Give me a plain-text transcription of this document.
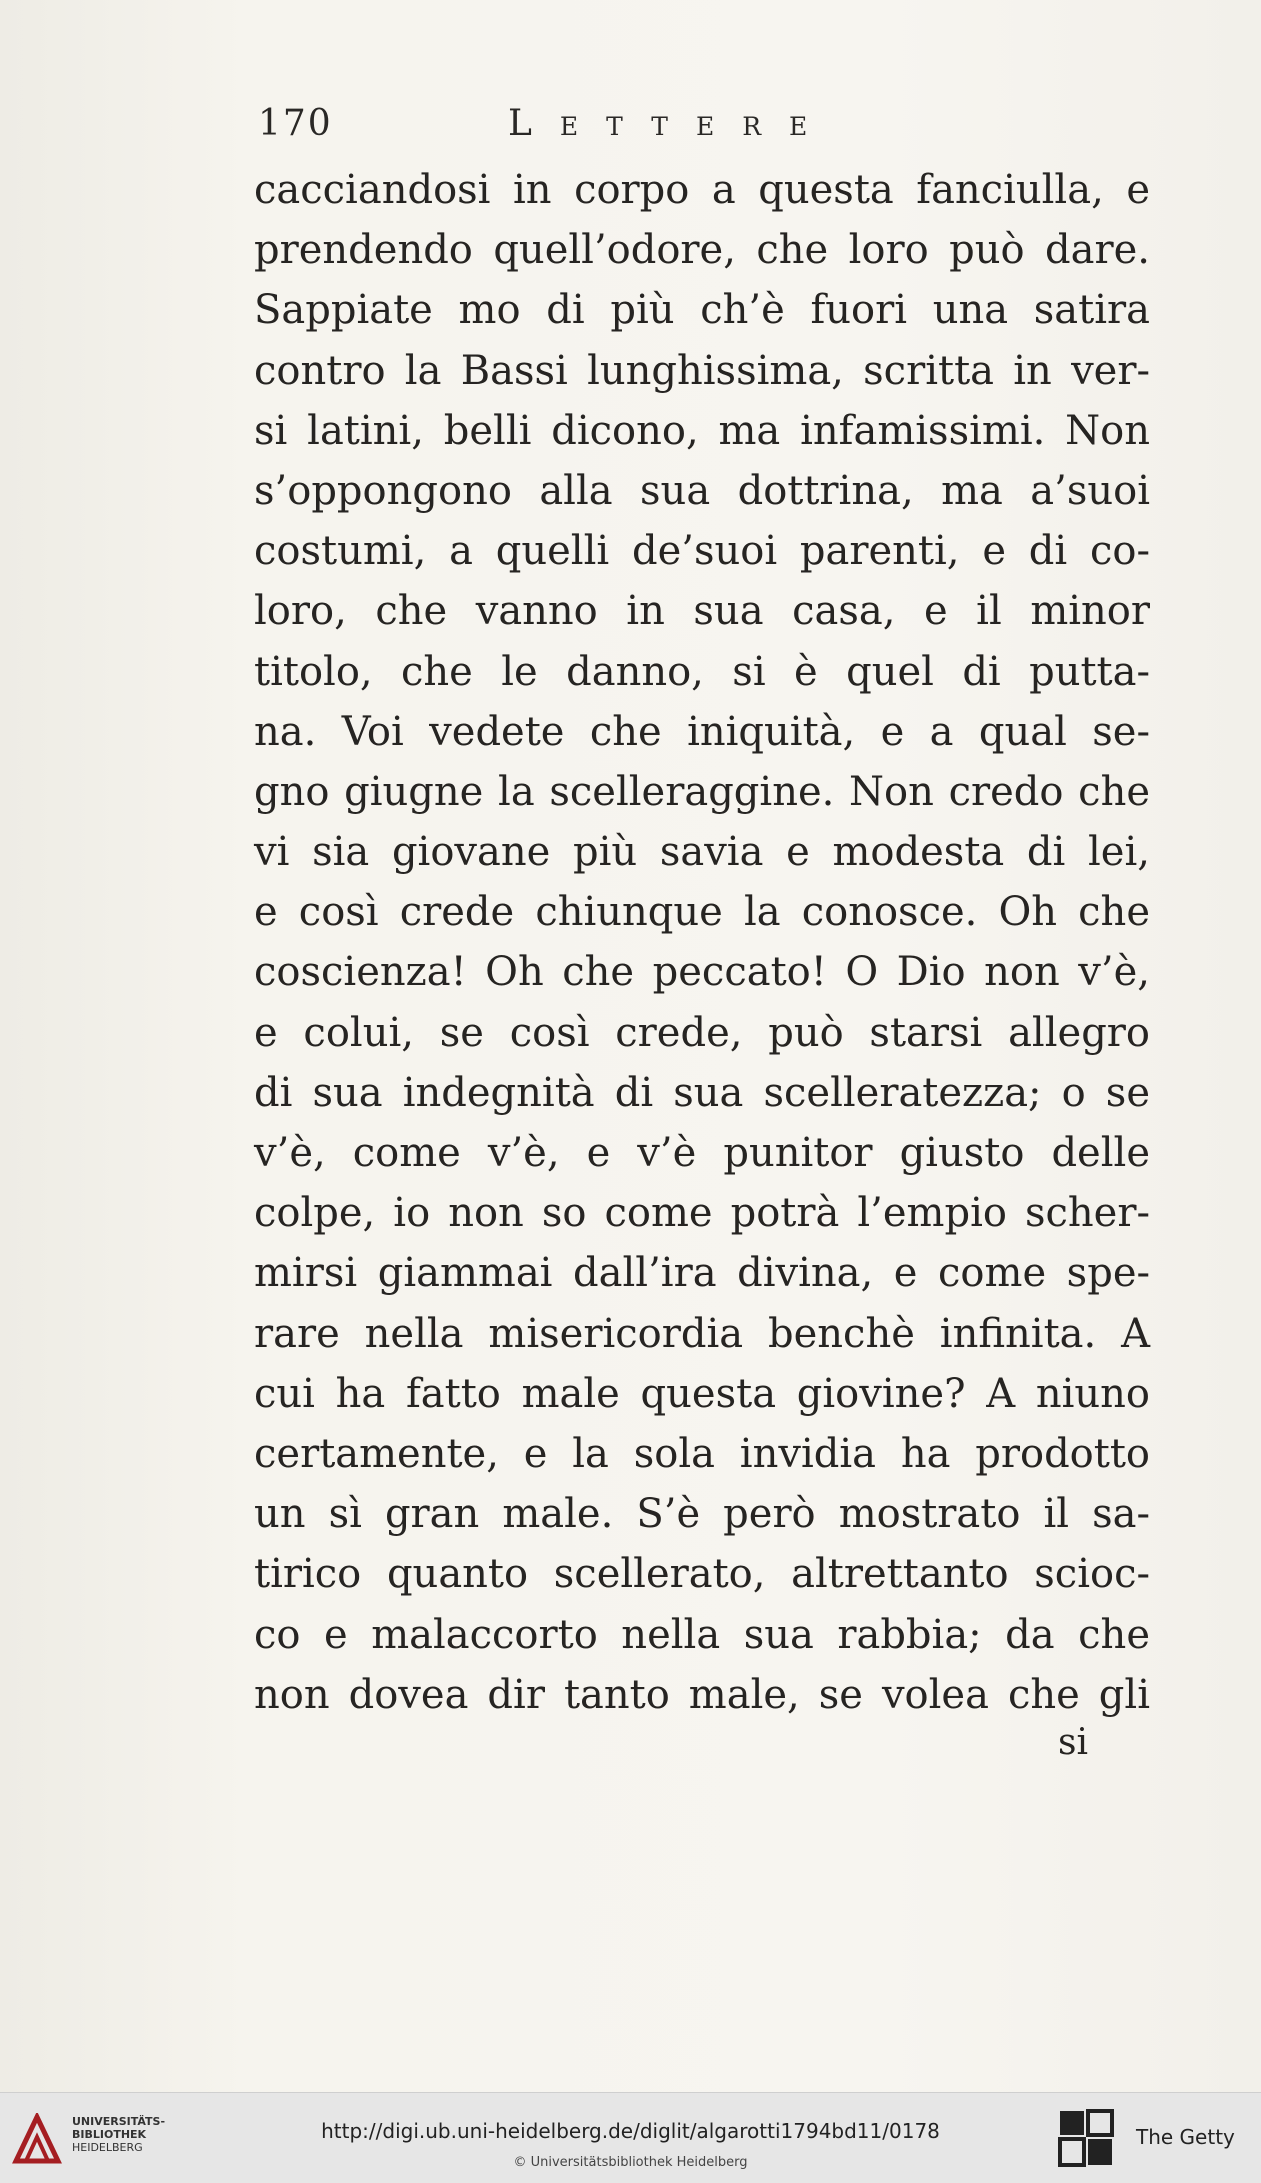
170	Lettere
cacciandosi in corpo a questa fanciulla, e
prendendo quell’odore, che loro può dare.
Sappiate mo di più ch’è fuori una satira
contro la Bassi lunghissima, scritta in ver-
si latini, belli dicono, ma infamissimi. Non
s’oppongono alla sua dottrina, ma a’suoi
costumi, a quelli de’suoi parenti, e di co-
loro, che vanno in sua casa, e il minor
titolo, che le danno, si è quel di putta-
na. Voi vedete che iniquità, e a qual se-
gno giugne la scelleraggine. Non credo che
vi sia giovane più savia e modesta di lei,
e così crede chiunque la conosce. Oh che
coscienza! Oh che peccato! O Dio non v’è,
e colui, se così crede, può starsi allegro
di sua indegnità di sua scelleratezza; o se
v’è, come v’è, e v’è punitor giusto delle
colpe, io non so come potrà l’empio scher-
mirsi giammai dall’ira divina, e come spe-
rare nella misericordia benchè infinita. A
cui ha fatto male questa giovine? A niuno
certamente, e la sola invidia ha prodotto
un sì gran male. S’è però mostrato il sa-
tirico quanto scellerato, altrettanto scioc-
co e malaccorto nella sua rabbia; da che
non dovea dir tanto male, se volea che gli
si
UNIVERSITÄTS-
BIBLIOTHEK
HEIDELBERG
http://digi.ub.uni-heidelberg.de/diglit/algarotti1794bd11/0178
© Universitätsbibliothek Heidelberg
The Getty
